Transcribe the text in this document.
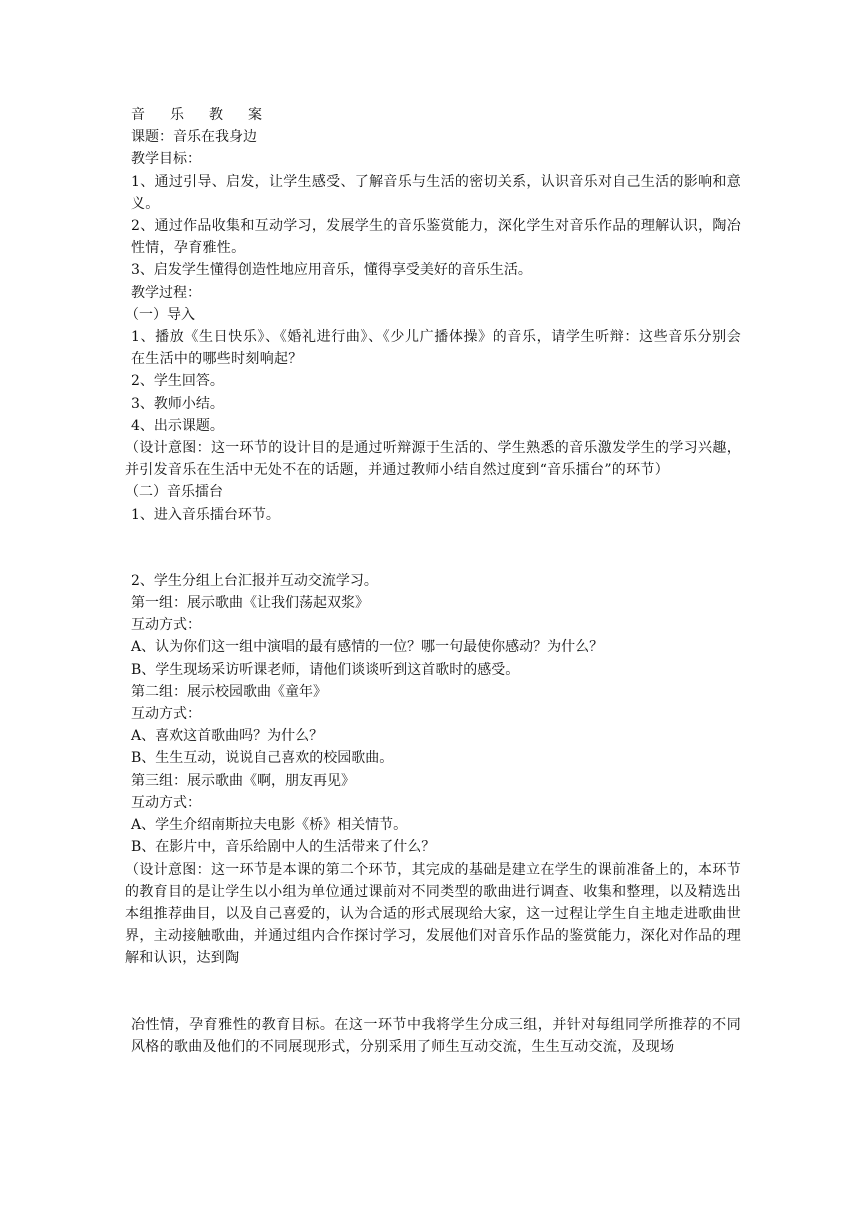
音乐教案

课题：音乐在我身边

教学目标：

1、通过引导、启发，让学生感受、了解音乐与生活的密切关系，认识音乐对自己生活的影响和意义。

2、通过作品收集和互动学习，发展学生的音乐鉴赏能力，深化学生对音乐作品的理解认识，陶冶性情，孕育雅性。

3、启发学生懂得创造性地应用音乐，懂得享受美好的音乐生活。

教学过程：

（一）导入

1、播放《生日快乐》、《婚礼进行曲》、《少儿广播体操》的音乐，请学生听辩：这些音乐分别会在生活中的哪些时刻响起？

2、学生回答。

3、教师小结。

4、出示课题。

（设计意图：这一环节的设计目的是通过听辩源于生活的、学生熟悉的音乐激发学生的学习兴趣，并引发音乐在生活中无处不在的话题，并通过教师小结自然过度到“音乐擂台”的环节）

（二）音乐擂台

1、进入音乐擂台环节。

2、学生分组上台汇报并互动交流学习。

第一组：展示歌曲《让我们荡起双浆》

互动方式：

A、认为你们这一组中演唱的最有感情的一位？哪一句最使你感动？为什么？

B、学生现场采访听课老师，请他们谈谈听到这首歌时的感受。

第二组：展示校园歌曲《童年》

互动方式：

A、喜欢这首歌曲吗？为什么？

B、生生互动，说说自己喜欢的校园歌曲。

第三组：展示歌曲《啊，朋友再见》

互动方式：

A、学生介绍南斯拉夫电影《桥》相关情节。

B、在影片中，音乐给剧中人的生活带来了什么？

（设计意图：这一环节是本课的第二个环节，其完成的基础是建立在学生的课前准备上的，本环节的教育目的是让学生以小组为单位通过课前对不同类型的歌曲进行调查、收集和整理，以及精选出本组推荐曲目，以及自己喜爱的，认为合适的形式展现给大家，这一过程让学生自主地走进歌曲世界，主动接触歌曲，并通过组内合作探讨学习，发展他们对音乐作品的鉴赏能力，深化对作品的理解和认识，达到陶

冶性情，孕育雅性的教育目标。在这一环节中我将学生分成三组，并针对每组同学所推荐的不同风格的歌曲及他们的不同展现形式，分别采用了师生互动交流，生生互动交流，及现场
